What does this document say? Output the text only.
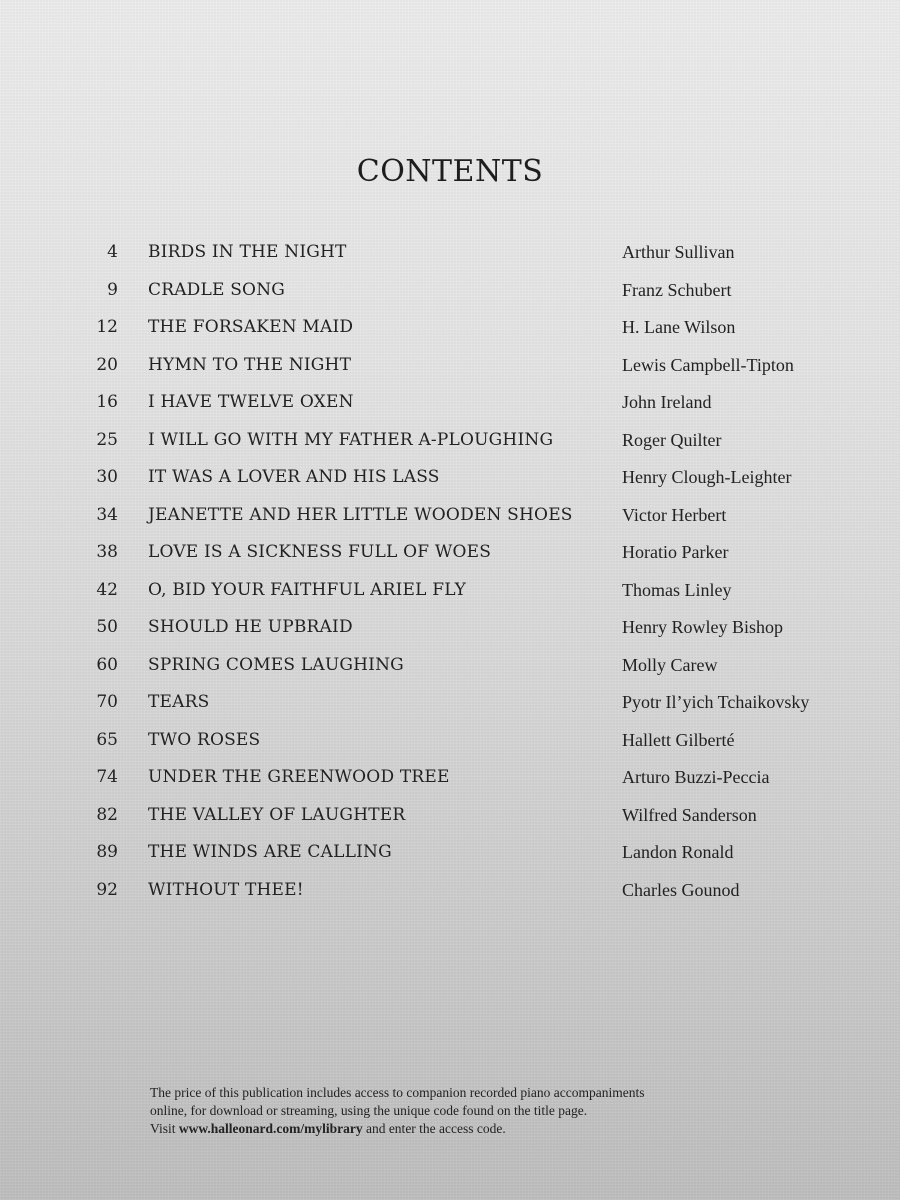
CONTENTS
4 BIRDS IN THE NIGHT	Arthur Sullivan
9 CRADLE SONG	Franz Schubert
12 THE FORSAKEN MAID	H. Lane Wilson
20 HYMN TO THE NIGHT	Lewis Campbell-Tipton
16 I HAVE TWELVE OXEN	John Ireland
25 I WILL GO WITH MY FATHER A-PLOUGHING	Roger Quilter
30 IT WAS A LOVER AND HIS LASS	Henry Clough-Leighter
34 JEANETTE AND HER LITTLE WOODEN SHOES	Victor Herbert
38 LOVE IS A SICKNESS FULL OF WOES	Horatio Parker
42 O, BID YOUR FAITHFUL ARIEL FLY	Thomas Linley
50 SHOULD HE UPBRAID	Henry Rowley Bishop
60 SPRING COMES LAUGHING	Molly Carew
70 TEARS	Pyotr Il’yich Tchaikovsky
65 TWO ROSES	Hallett Gilberté
74 UNDER THE GREENWOOD TREE	Arturo Buzzi-Peccia
82 THE VALLEY OF LAUGHTER	Wilfred Sanderson
89 THE WINDS ARE CALLING	Landon Ronald
92 WITHOUT THEE!	Charles Gounod

The price of this publication includes access to companion recorded piano accompaniments

online, for download or streaming, using the unique code found on the title page.

Visit www.halleonard.com/mylibrary and enter the access code.
